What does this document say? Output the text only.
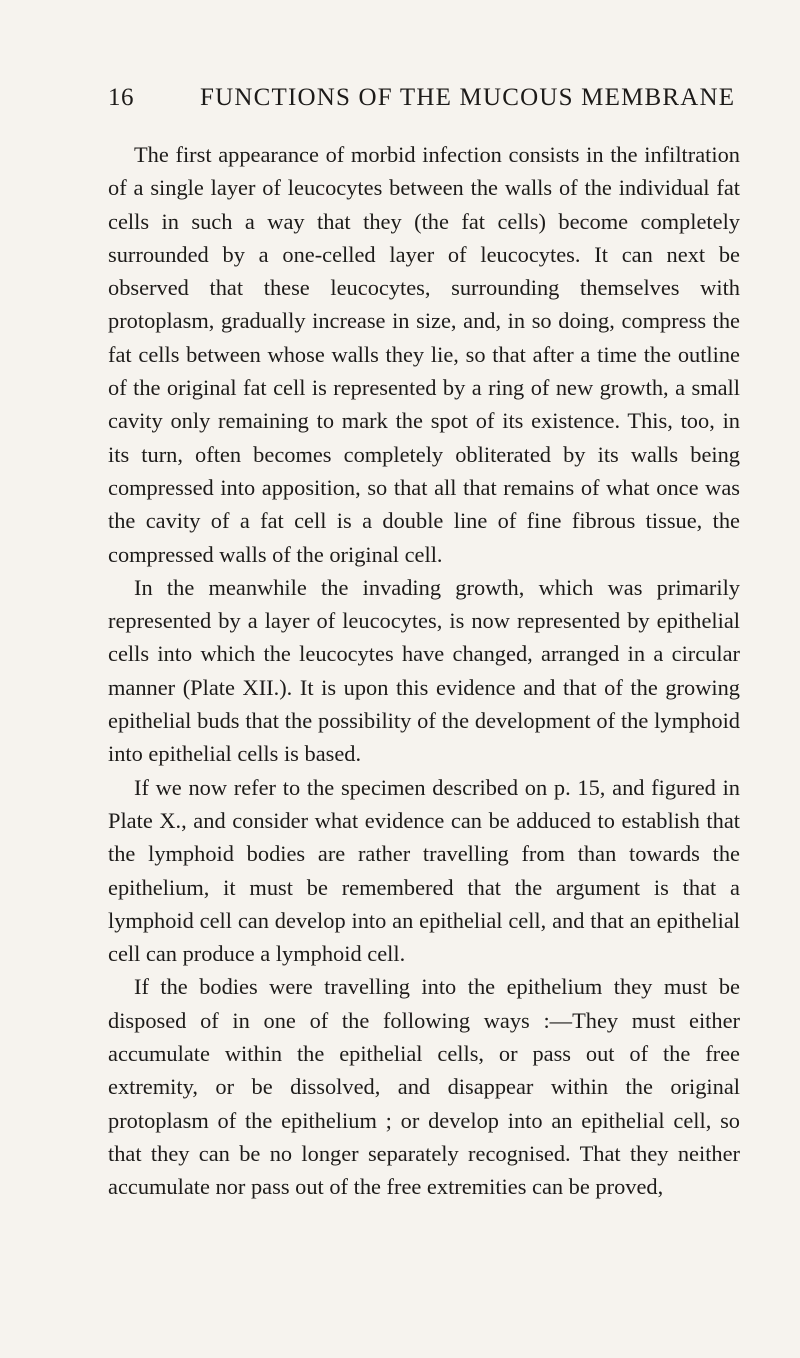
16	FUNCTIONS OF THE MUCOUS MEMBRANE

The first appearance of morbid infection consists in the infiltration of a single layer of leucocytes between the walls of the individual fat cells in such a way that they (the fat cells) become completely surrounded by a one-celled layer of leucocytes. It can next be observed that these leucocytes, surrounding themselves with protoplasm, gradually increase in size, and, in so doing, compress the fat cells between whose walls they lie, so that after a time the outline of the original fat cell is represented by a ring of new growth, a small cavity only remaining to mark the spot of its existence. This, too, in its turn, often becomes completely obliterated by its walls being compressed into apposition, so that all that remains of what once was the cavity of a fat cell is a double line of fine fibrous tissue, the compressed walls of the original cell.

In the meanwhile the invading growth, which was primarily represented by a layer of leucocytes, is now represented by epithelial cells into which the leucocytes have changed, arranged in a circular manner (Plate XII.). It is upon this evidence and that of the growing epithelial buds that the possibility of the development of the lymphoid into epithelial cells is based.

If we now refer to the specimen described on p. 15, and figured in Plate X., and consider what evidence can be adduced to establish that the lymphoid bodies are rather travelling from than towards the epithelium, it must be remembered that the argument is that a lymphoid cell can develop into an epithelial cell, and that an epithelial cell can produce a lymphoid cell.

If the bodies were travelling into the epithelium they must be disposed of in one of the following ways :—They must either accumulate within the epithelial cells, or pass out of the free extremity, or be dissolved, and disappear within the original protoplasm of the epithelium ; or develop into an epithelial cell, so that they can be no longer separately recognised. That they neither accumulate nor pass out of the free extremities can be proved,
